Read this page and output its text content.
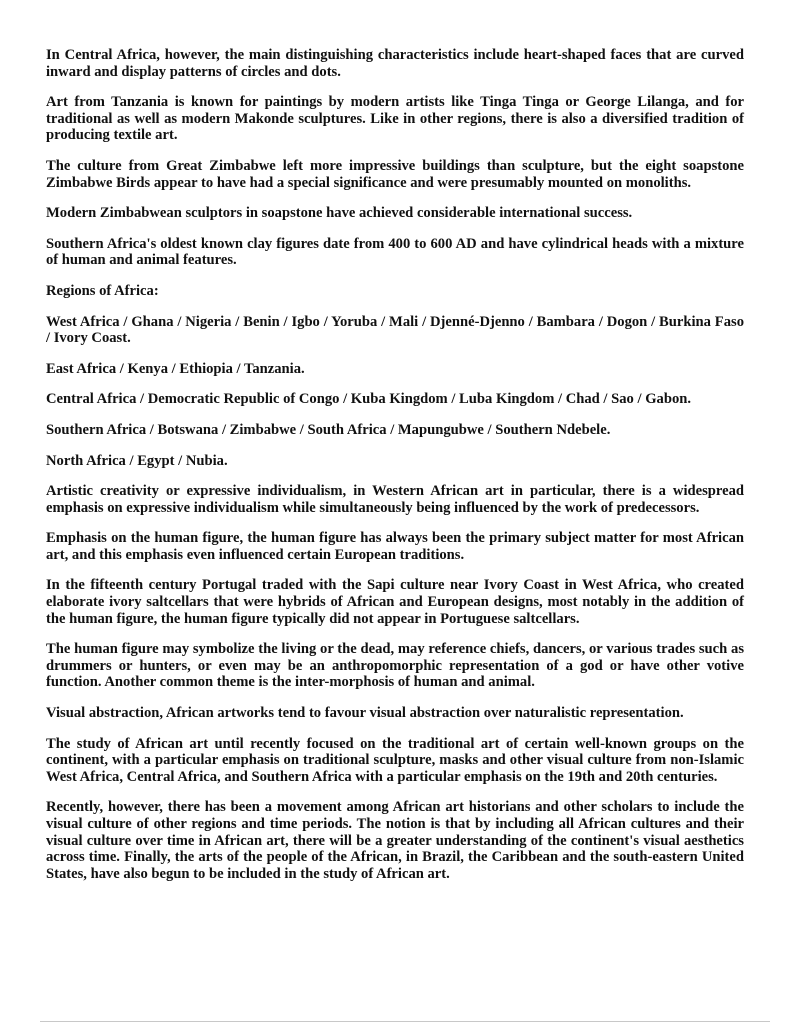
In Central Africa, however, the main distinguishing characteristics include heart-shaped faces that are curved inward and display patterns of circles and dots.

Art from Tanzania is known for paintings by modern artists like Tinga Tinga or George Lilanga, and for traditional as well as modern Makonde sculptures. Like in other regions, there is also a diversified tradition of producing textile art.

The culture from Great Zimbabwe left more impressive buildings than sculpture, but the eight soapstone Zimbabwe Birds appear to have had a special significance and were presumably mounted on monoliths.

Modern Zimbabwean sculptors in soapstone have achieved considerable international success.

Southern Africa's oldest known clay figures date from 400 to 600 AD and have cylindrical heads with a mixture of human and animal features.

Regions of Africa:

West Africa / Ghana / Nigeria / Benin / Igbo / Yoruba / Mali / Djenné-Djenno / Bambara / Dogon / Burkina Faso / Ivory Coast.

East Africa / Kenya / Ethiopia / Tanzania.

Central Africa / Democratic Republic of Congo / Kuba Kingdom / Luba Kingdom / Chad / Sao / Gabon.

Southern Africa / Botswana / Zimbabwe / South Africa / Mapungubwe / Southern Ndebele.

North Africa / Egypt / Nubia.

Artistic creativity or expressive individualism, in Western African art in particular, there is a widespread emphasis on expressive individualism while simultaneously being influenced by the work of predecessors.

Emphasis on the human figure, the human figure has always been the primary subject matter for most African art, and this emphasis even influenced certain European traditions.

In the fifteenth century Portugal traded with the Sapi culture near Ivory Coast in West Africa, who created elaborate ivory saltcellars that were hybrids of African and European designs, most notably in the addition of the human figure, the human figure typically did not appear in Portuguese saltcellars.

The human figure may symbolize the living or the dead, may reference chiefs, dancers, or various trades such as drummers or hunters, or even may be an anthropomorphic representation of a god or have other votive function. Another common theme is the inter-morphosis of human and animal.

Visual abstraction, African artworks tend to favour visual abstraction over naturalistic representation.

The study of African art until recently focused on the traditional art of certain well-known groups on the continent, with a particular emphasis on traditional sculpture, masks and other visual culture from non-Islamic West Africa, Central Africa, and Southern Africa with a particular emphasis on the 19th and 20th centuries.

Recently, however, there has been a movement among African art historians and other scholars to include the visual culture of other regions and time periods. The notion is that by including all African cultures and their visual culture over time in African art, there will be a greater understanding of the continent's visual aesthetics across time. Finally, the arts of the people of the African, in Brazil, the Caribbean and the south-eastern United States, have also begun to be included in the study of African art.
